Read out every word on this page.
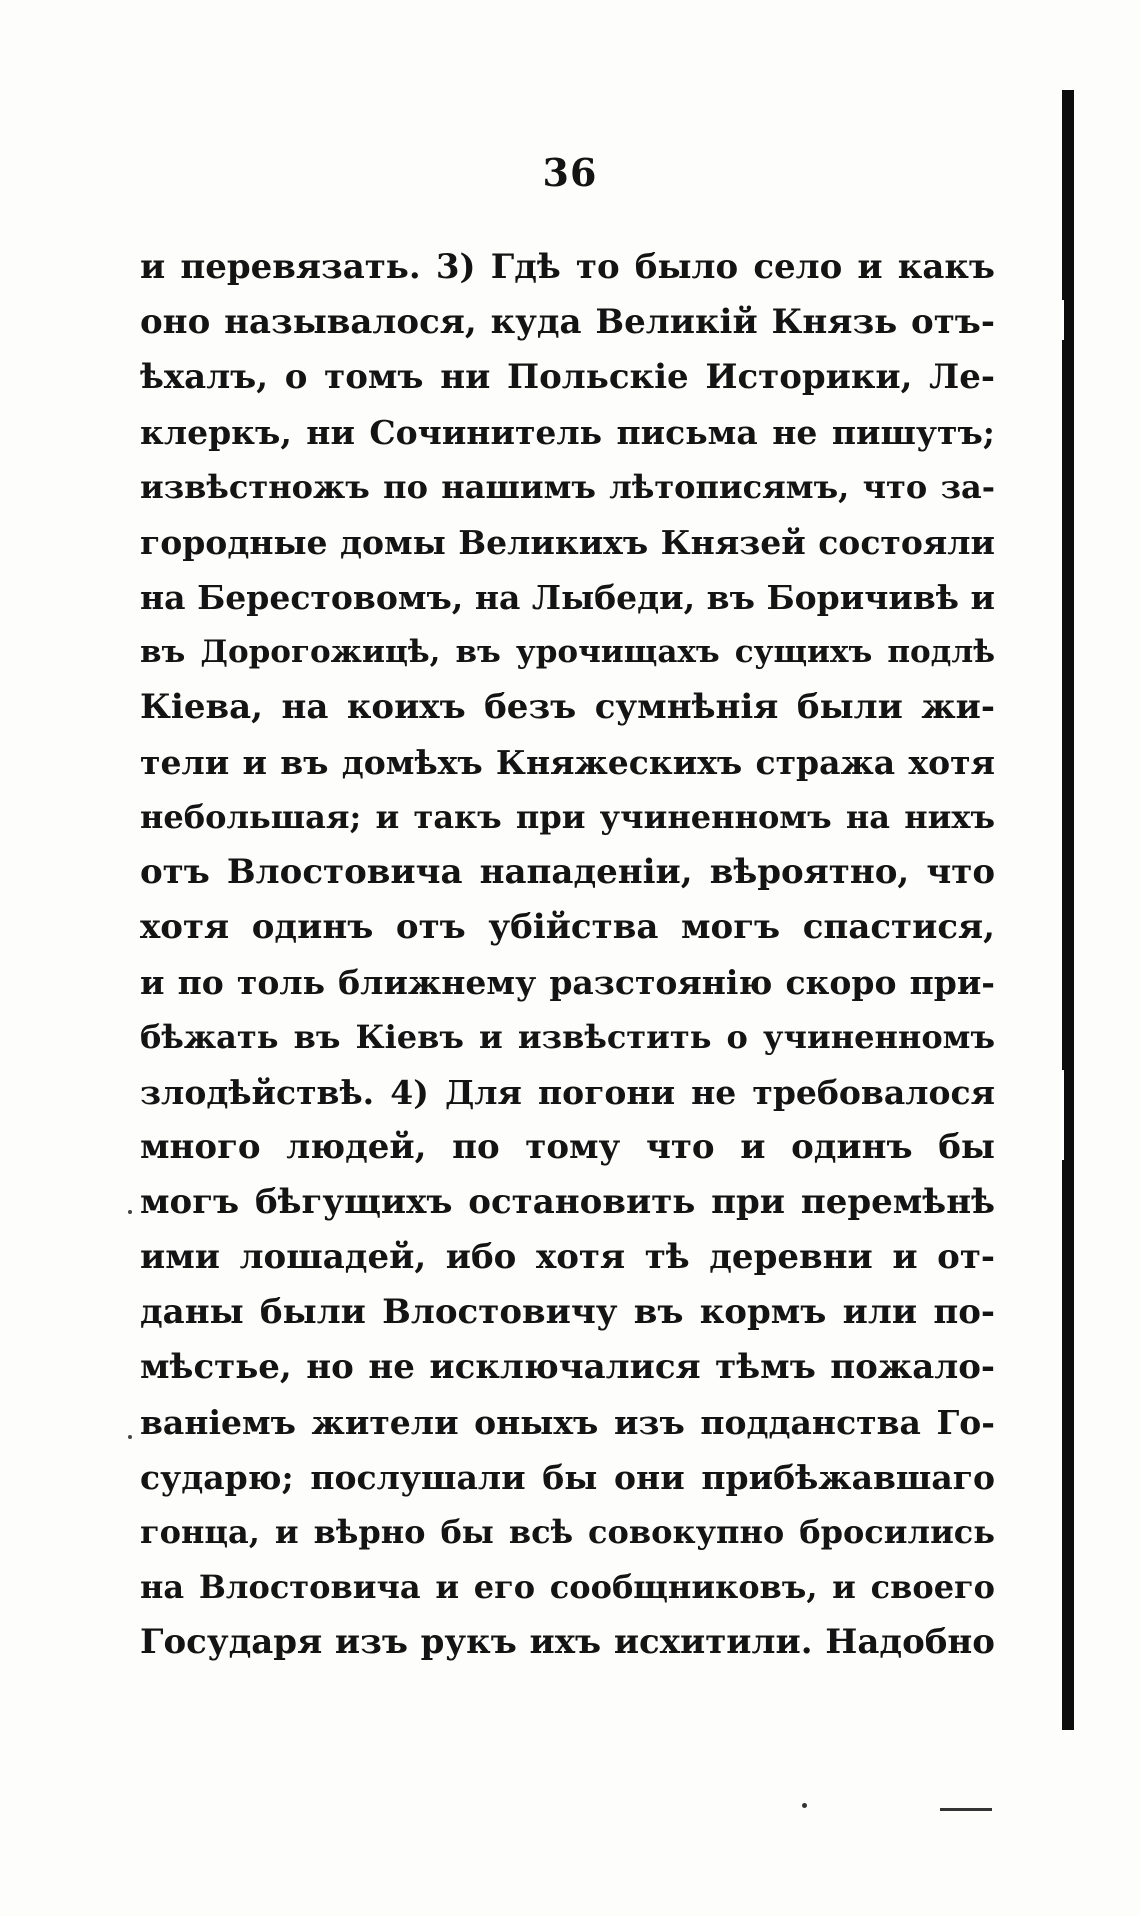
36
и перевязать. 3) Гдѣ то было село и какъ
оно называлося, куда Великій Князь отъ-
ѣхалъ, о томъ ни Польскіе Историки, Ле-
клеркъ, ни Сочинитель письма не пишутъ;
извѣстножъ по нашимъ лѣтописямъ, что за-
городные домы Великихъ Князей состояли
на Берестовомъ, на Лыбеди, въ Боричивѣ и
въ Дорогожицѣ, въ урочищахъ сущихъ подлѣ
Кіева, на коихъ безъ сумнѣнія были жи-
тели и въ домѣхъ Княжескихъ стража хотя
небольшая; и такъ при учиненномъ на нихъ
отъ Влостовича нападеніи, вѣроятно, что
хотя одинъ отъ убійства могъ спастися,
и по толь ближнему разстоянію скоро при-
бѣжать въ Кіевъ и извѣстить о учиненномъ
злодѣйствѣ. 4) Для погони не требовалося
много людей, по тому что и одинъ бы
могъ бѣгущихъ остановить при перемѣнѣ
ими лошадей, ибо хотя тѣ деревни и от-
даны были Влостовичу въ кормъ или по-
мѣстье, но не исключалися тѣмъ пожало-
ваніемъ жители оныхъ изъ подданства Го-
сударю; послушали бы они прибѣжавшаго
гонца, и вѣрно бы всѣ совокупно бросились
на Влостовича и его сообщниковъ, и своего
Государя изъ рукъ ихъ исхитили. Надобно
